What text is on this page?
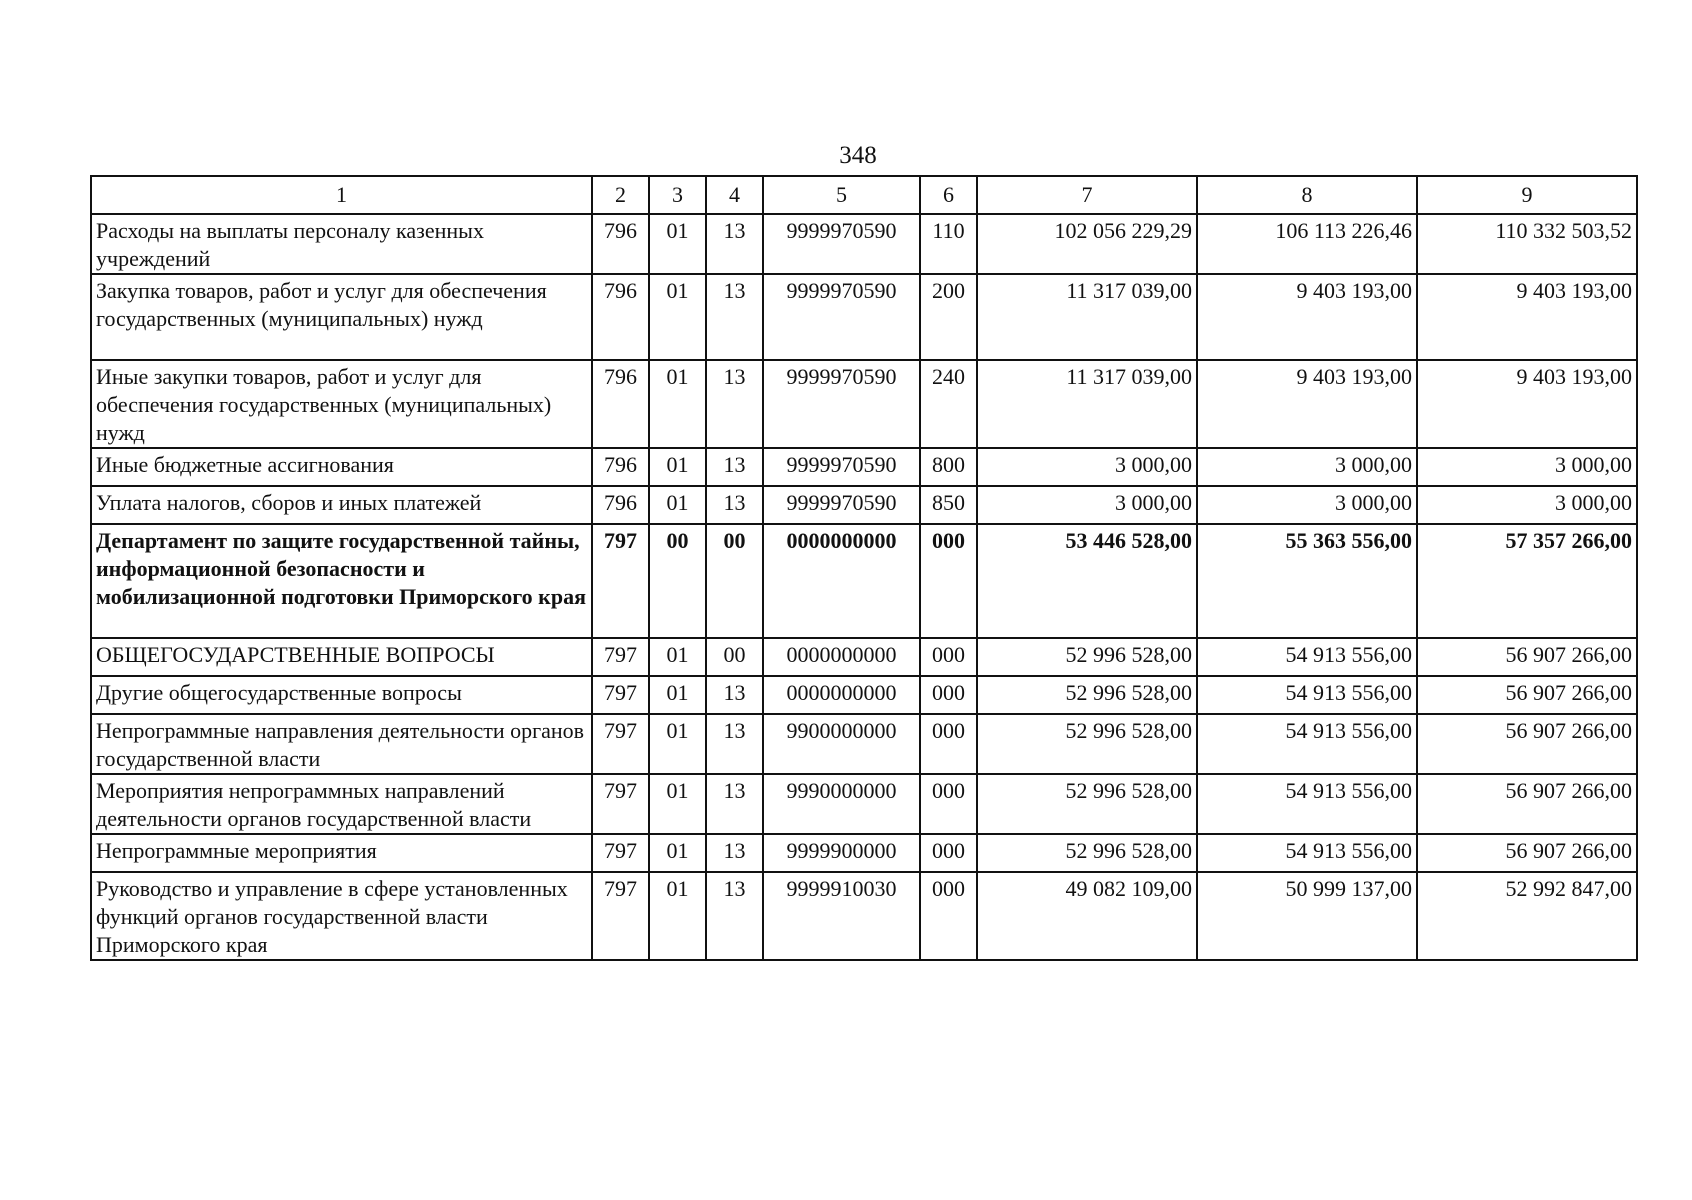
348
1	2	3	4	5	6	7	8	9
Расходы на выплаты персоналу казенных учреждений	796	01	13	9999970590	110	102 056 229,29	106 113 226,46	110 332 503,52
Закупка товаров, работ и услуг для обеспечения государственных (муниципальных) нужд	796	01	13	9999970590	200	11 317 039,00	9 403 193,00	9 403 193,00
Иные закупки товаров, работ и услуг для обеспечения государственных (муниципальных) нужд	796	01	13	9999970590	240	11 317 039,00	9 403 193,00	9 403 193,00
Иные бюджетные ассигнования	796	01	13	9999970590	800	3 000,00	3 000,00	3 000,00
Уплата налогов, сборов и иных платежей	796	01	13	9999970590	850	3 000,00	3 000,00	3 000,00
Департамент по защите государственной тайны, информационной безопасности и мобилизационной подготовки Приморского края	797	00	00	0000000000	000	53 446 528,00	55 363 556,00	57 357 266,00
ОБЩЕГОСУДАРСТВЕННЫЕ ВОПРОСЫ	797	01	00	0000000000	000	52 996 528,00	54 913 556,00	56 907 266,00
Другие общегосударственные вопросы	797	01	13	0000000000	000	52 996 528,00	54 913 556,00	56 907 266,00
Непрограммные направления деятельности органов государственной власти	797	01	13	9900000000	000	52 996 528,00	54 913 556,00	56 907 266,00
Мероприятия непрограммных направлений деятельности органов государственной власти	797	01	13	9990000000	000	52 996 528,00	54 913 556,00	56 907 266,00
Непрограммные мероприятия	797	01	13	9999900000	000	52 996 528,00	54 913 556,00	56 907 266,00
Руководство и управление в сфере установленных функций органов государственной власти Приморского края	797	01	13	9999910030	000	49 082 109,00	50 999 137,00	52 992 847,00
